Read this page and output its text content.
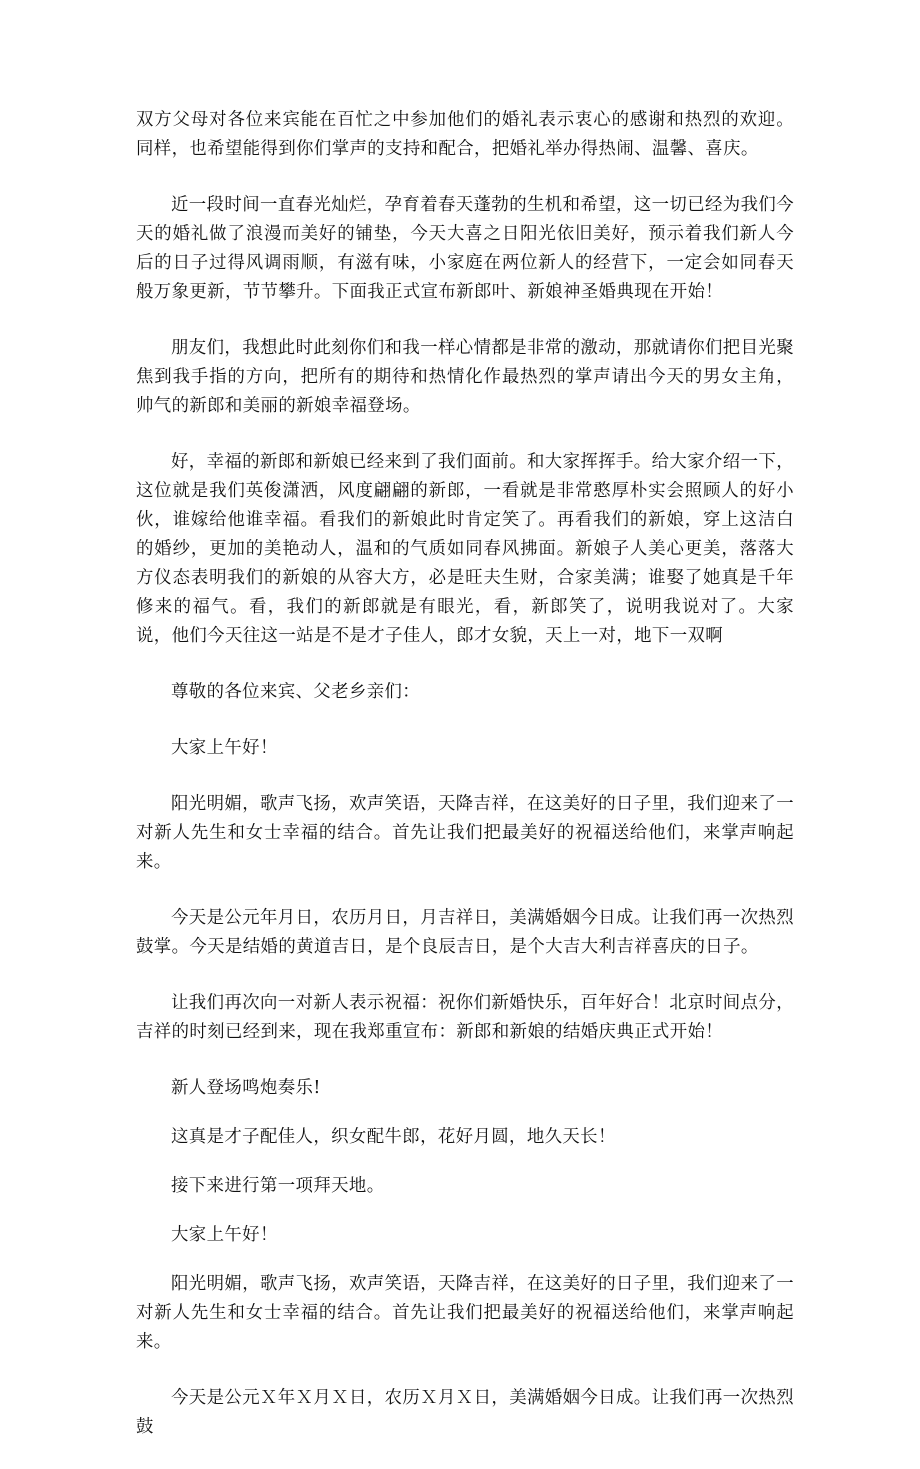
双方父母对各位来宾能在百忙之中参加他们的婚礼表示衷心的感谢和热烈的欢迎。同样，也希望能得到你们掌声的支持和配合，把婚礼举办得热闹、温馨、喜庆。

近一段时间一直春光灿烂，孕育着春天蓬勃的生机和希望，这一切已经为我们今天的婚礼做了浪漫而美好的铺垫，今天大喜之日阳光依旧美好，预示着我们新人今后的日子过得风调雨顺，有滋有味，小家庭在两位新人的经营下，一定会如同春天般万象更新，节节攀升。下面我正式宣布新郎叶、新娘神圣婚典现在开始！

朋友们，我想此时此刻你们和我一样心情都是非常的激动，那就请你们把目光聚焦到我手指的方向，把所有的期待和热情化作最热烈的掌声请出今天的男女主角，帅气的新郎和美丽的新娘幸福登场。

好，幸福的新郎和新娘已经来到了我们面前。和大家挥挥手。给大家介绍一下，这位就是我们英俊潇洒，风度翩翩的新郎，一看就是非常憨厚朴实会照顾人的好小伙，谁嫁给他谁幸福。看我们的新娘此时肯定笑了。再看我们的新娘，穿上这洁白的婚纱，更加的美艳动人，温和的气质如同春风拂面。新娘子人美心更美，落落大方仪态表明我们的新娘的从容大方，必是旺夫生财，合家美满；谁娶了她真是千年修来的福气。看，我们的新郎就是有眼光，看，新郎笑了，说明我说对了。大家说，他们今天往这一站是不是才子佳人，郎才女貌，天上一对，地下一双啊

尊敬的各位来宾、父老乡亲们：

大家上午好！

阳光明媚，歌声飞扬，欢声笑语，天降吉祥，在这美好的日子里，我们迎来了一对新人先生和女士幸福的结合。首先让我们把最美好的祝福送给他们，来掌声响起来。

今天是公元年月日，农历月日，月吉祥日，美满婚姻今日成。让我们再一次热烈鼓掌。今天是结婚的黄道吉日，是个良辰吉日，是个大吉大利吉祥喜庆的日子。

让我们再次向一对新人表示祝福：祝你们新婚快乐，百年好合！北京时间点分，吉祥的时刻已经到来，现在我郑重宣布：新郎和新娘的结婚庆典正式开始！

新人登场鸣炮奏乐!

这真是才子配佳人，织女配牛郎，花好月圆，地久天长！

接下来进行第一项拜天地。

大家上午好！

阳光明媚，歌声飞扬，欢声笑语，天降吉祥，在这美好的日子里，我们迎来了一对新人先生和女士幸福的结合。首先让我们把最美好的祝福送给他们，来掌声响起来。

今天是公元Ｘ年Ｘ月Ｘ日，农历Ｘ月Ｘ日，美满婚姻今日成。让我们再一次热烈鼓
